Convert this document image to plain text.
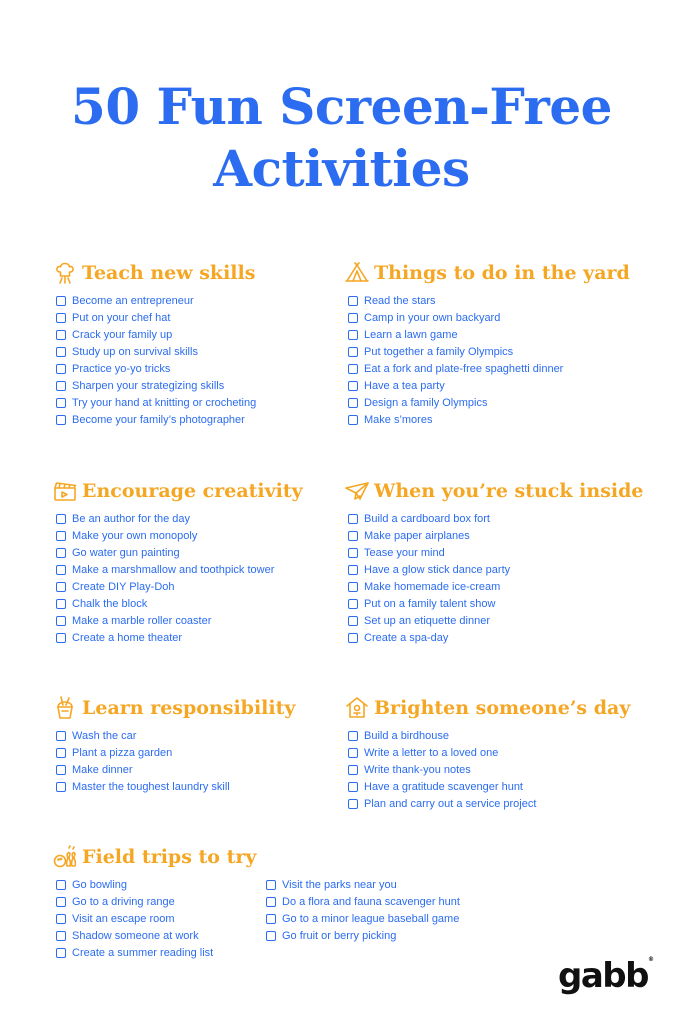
50 Fun Screen-Free
Activities
Teach new skills
Become an entrepreneur
Put on your chef hat
Crack your family up
Study up on survival skills
Practice yo-yo tricks
Sharpen your strategizing skills
Try your hand at knitting or crocheting
Become your family’s photographer
Things to do in the yard
Read the stars
Camp in your own backyard
Learn a lawn game
Put together a family Olympics
Eat a fork and plate-free spaghetti dinner
Have a tea party
Design a family Olympics
Make s’mores
Encourage creativity
Be an author for the day
Make your own monopoly
Go water gun painting
Make a marshmallow and toothpick tower
Create DIY Play-Doh
Chalk the block
Make a marble roller coaster
Create a home theater
When you’re stuck inside
Build a cardboard box fort
Make paper airplanes
Tease your mind
Have a glow stick dance party
Make homemade ice-cream
Put on a family talent show
Set up an etiquette dinner
Create a spa-day
Learn responsibility
Wash the car
Plant a pizza garden
Make dinner
Master the toughest laundry skill
Brighten someone’s day
Build a birdhouse
Write a letter to a loved one
Write thank-you notes
Have a gratitude scavenger hunt
Plan and carry out a service project
Field trips to try
Go bowling
Go to a driving range
Visit an escape room
Shadow someone at work
Create a summer reading list
Visit the parks near you
Do a flora and fauna scavenger hunt
Go to a minor league baseball game
Go fruit or berry picking
gabb®
